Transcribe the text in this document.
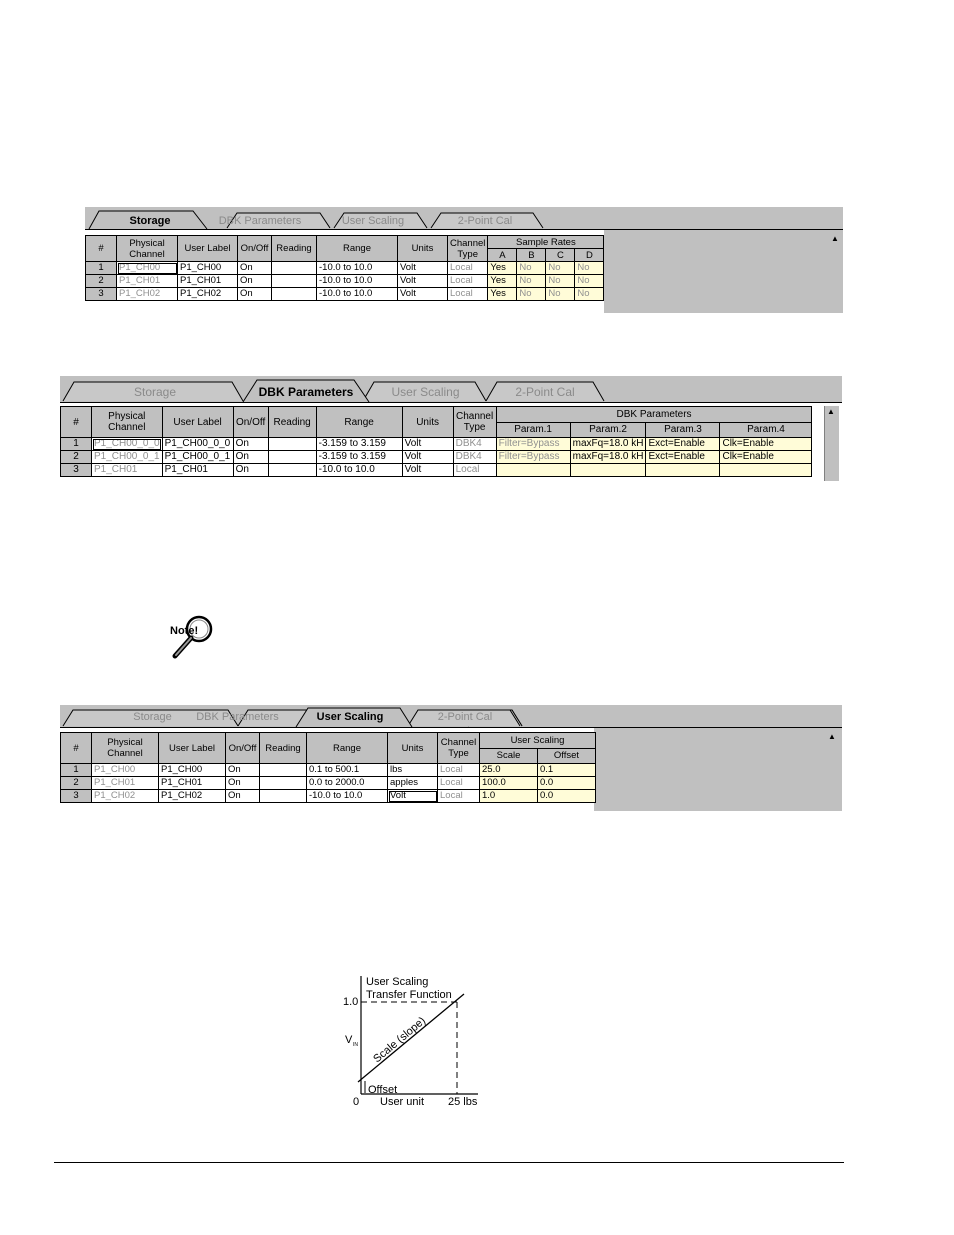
Storage	DBK Parameters	User Scaling	2-Point Cal
▲
#	Physical Channel	User Label	On/Off	Reading	Range	Units	Channel Type	Sample Rates			
								A	B	C	D
1	P1_CH00	P1_CH00	On		-10.0 to 10.0	Volt	Local	Yes	No	No	No
2	P1_CH01	P1_CH01	On		-10.0 to 10.0	Volt	Local	Yes	No	No	No
3	P1_CH02	P1_CH02	On		-10.0 to 10.0	Volt	Local	Yes	No	No	No
Storage	DBK Parameters	User Scaling	2-Point Cal
▲
#	Physical Channel	User Label	On/Off	Reading	Range	Units	Channel Type	DBK Parameters			
								Param.1	Param.2	Param.3	Param.4
1	P1_CH00_0_0	P1_CH00_0_0	On		-3.159 to 3.159	Volt	DBK4	Filter=Bypass	maxFq=18.0 kH	Exct=Enable	Clk=Enable
2	P1_CH00_0_1	P1_CH00_0_1	On		-3.159 to 3.159	Volt	DBK4	Filter=Bypass	maxFq=18.0 kH	Exct=Enable	Clk=Enable
3	P1_CH01	P1_CH01	On		-10.0 to 10.0	Volt	Local				
Note!
Storage DBK Parameters	User Scaling	2-Point Cal
▲
#	Physical Channel	User Label	On/Off	Reading	Range	Units	Channel Type	User Scaling	
								Scale	Offset
1	P1_CH00	P1_CH00	On		0.1 to 500.1	lbs	Local	25.0	0.1
2	P1_CH01	P1_CH01	On		0.0 to 2000.0	apples	Local	100.0	0.0
3	P1_CH02	P1_CH02	On		-10.0 to 10.0	Volt	Local	1.0	0.0
User Scaling
Transfer Function
1.0
V IN Scale (slope)
Offset
0 User unit 25 lbs
